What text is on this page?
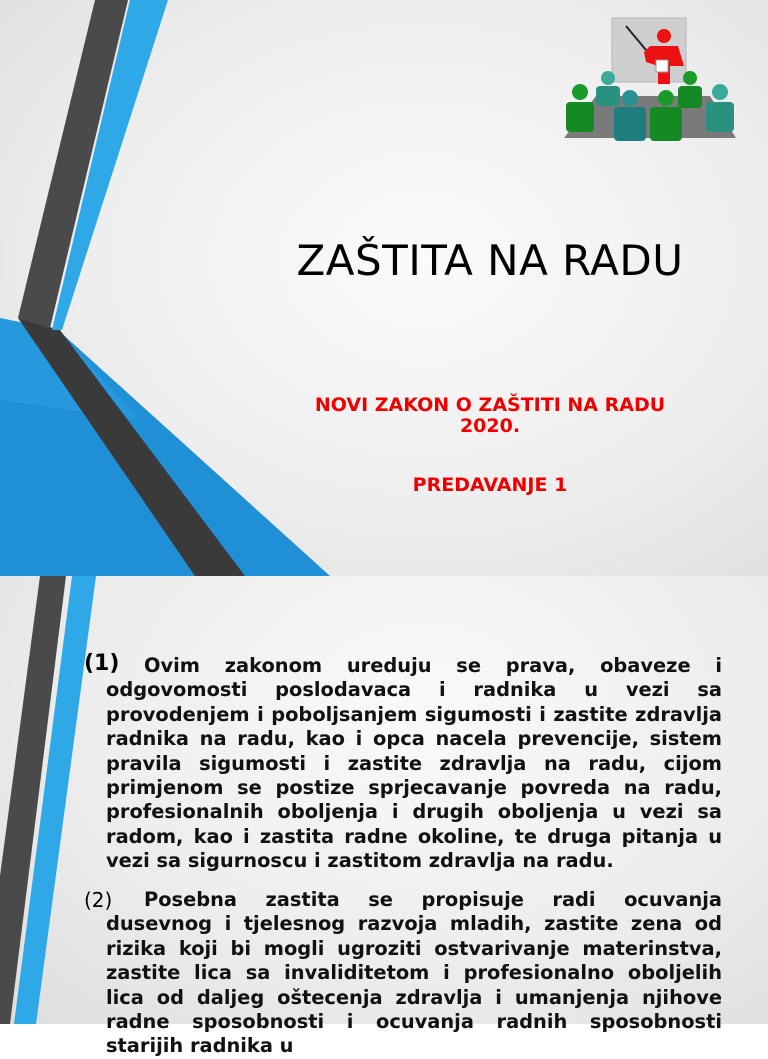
ZAŠTITA NA RADU
NOVI ZAKON O ZAŠTITI NA RADU
2020.
PREDAVANJE 1
(1)	Ovim zakonom ureduju se prava, obaveze i odgovomosti poslodavaca i radnika u vezi sa provodenjem i poboljsanjem sigumosti i zastite zdravlja radnika na radu, kao i opca nacela prevencije, sistem pravila sigumosti i zastite zdravlja na radu, cijom primjenom se postize sprjecavanje povreda na radu, profesionalnih oboljenja i drugih oboljenja u vezi sa radom, kao i zastita radne okoline, te druga pitanja u vezi sa sigurnoscu i zastitom zdravlja na radu.
(2)	Posebna zastita se propisuje radi ocuvanja dusevnog i tjelesnog razvoja mladih, zastite zena od rizika koji bi mogli ugroziti ostvarivanje materinstva, zastite lica sa invaliditetom i profesionalno oboljelih lica od daljeg oštecenja zdravlja i umanjenja njihove radne sposobnosti i ocuvanja radnih sposobnosti starijih radnika u
